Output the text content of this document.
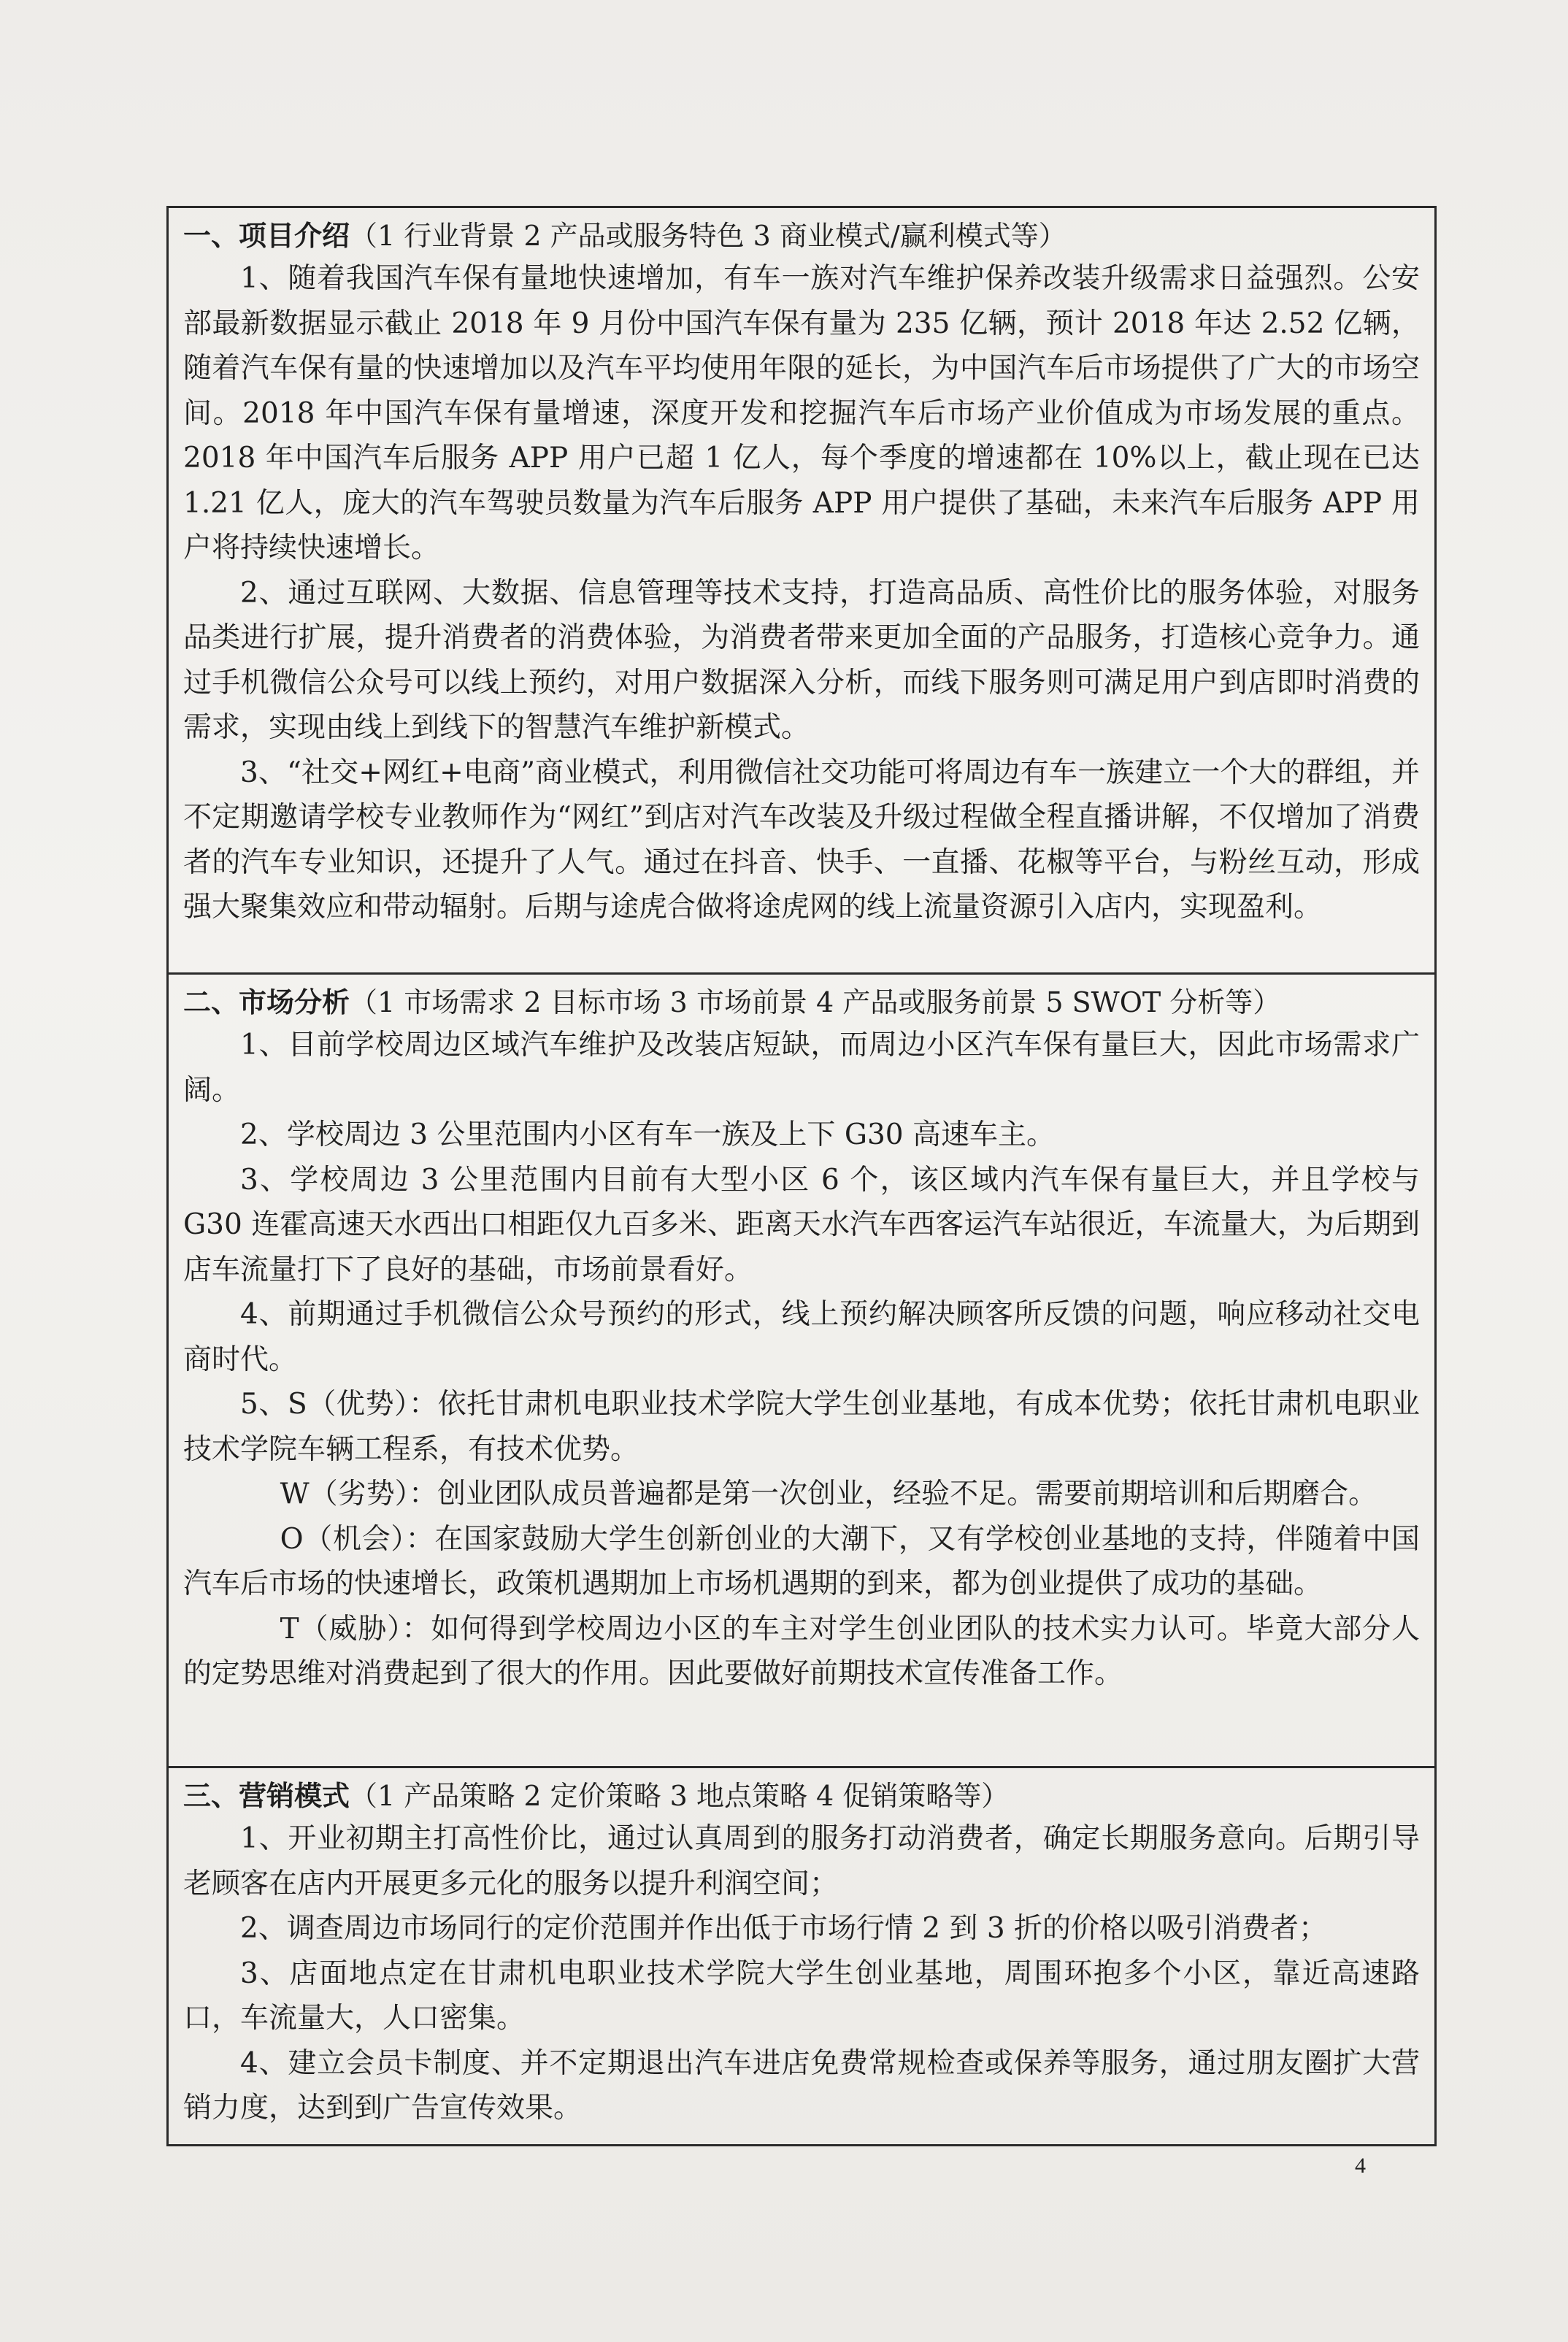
一、项目介绍（1 行业背景 2 产品或服务特色 3 商业模式/赢利模式等）

1、随着我国汽车保有量地快速增加，有车一族对汽车维护保养改装升级需求日益强烈。公安部最新数据显示截止 2018 年 9 月份中国汽车保有量为 235 亿辆，预计 2018 年达 2.52 亿辆，随着汽车保有量的快速增加以及汽车平均使用年限的延长，为中国汽车后市场提供了广大的市场空间。2018 年中国汽车保有量增速，深度开发和挖掘汽车后市场产业价值成为市场发展的重点。2018 年中国汽车后服务 APP 用户已超 1 亿人，每个季度的增速都在 10%以上，截止现在已达 1.21 亿人，庞大的汽车驾驶员数量为汽车后服务 APP 用户提供了基础，未来汽车后服务 APP 用户将持续快速增长。

2、通过互联网、大数据、信息管理等技术支持，打造高品质、高性价比的服务体验，对服务品类进行扩展，提升消费者的消费体验，为消费者带来更加全面的产品服务，打造核心竞争力。通过手机微信公众号可以线上预约，对用户数据深入分析，而线下服务则可满足用户到店即时消费的需求，实现由线上到线下的智慧汽车维护新模式。

3、“社交+网红+电商”商业模式，利用微信社交功能可将周边有车一族建立一个大的群组，并不定期邀请学校专业教师作为“网红”到店对汽车改装及升级过程做全程直播讲解，不仅增加了消费者的汽车专业知识，还提升了人气。通过在抖音、快手、一直播、花椒等平台，与粉丝互动，形成强大聚集效应和带动辐射。后期与途虎合做将途虎网的线上流量资源引入店内，实现盈利。

二、市场分析（1 市场需求 2 目标市场 3 市场前景 4 产品或服务前景 5 SWOT 分析等）

1、目前学校周边区域汽车维护及改装店短缺，而周边小区汽车保有量巨大，因此市场需求广阔。

2、学校周边 3 公里范围内小区有车一族及上下 G30 高速车主。

3、学校周边 3 公里范围内目前有大型小区 6 个，该区域内汽车保有量巨大，并且学校与 G30 连霍高速天水西出口相距仅九百多米、距离天水汽车西客运汽车站很近，车流量大，为后期到店车流量打下了良好的基础，市场前景看好。

4、前期通过手机微信公众号预约的形式，线上预约解决顾客所反馈的问题，响应移动社交电商时代。

5、S（优势）：依托甘肃机电职业技术学院大学生创业基地，有成本优势；依托甘肃机电职业技术学院车辆工程系，有技术优势。

W（劣势）：创业团队成员普遍都是第一次创业，经验不足。需要前期培训和后期磨合。

O（机会）：在国家鼓励大学生创新创业的大潮下，又有学校创业基地的支持，伴随着中国汽车后市场的快速增长，政策机遇期加上市场机遇期的到来，都为创业提供了成功的基础。

T（威胁）：如何得到学校周边小区的车主对学生创业团队的技术实力认可。毕竟大部分人的定势思维对消费起到了很大的作用。因此要做好前期技术宣传准备工作。

三、营销模式（1 产品策略 2 定价策略 3 地点策略 4 促销策略等）

1、开业初期主打高性价比，通过认真周到的服务打动消费者，确定长期服务意向。后期引导老顾客在店内开展更多元化的服务以提升利润空间；

2、调查周边市场同行的定价范围并作出低于市场行情 2 到 3 折的价格以吸引消费者；

3、店面地点定在甘肃机电职业技术学院大学生创业基地，周围环抱多个小区，靠近高速路口，车流量大，人口密集。

4、建立会员卡制度、并不定期退出汽车进店免费常规检查或保养等服务，通过朋友圈扩大营销力度，达到到广告宣传效果。

4
